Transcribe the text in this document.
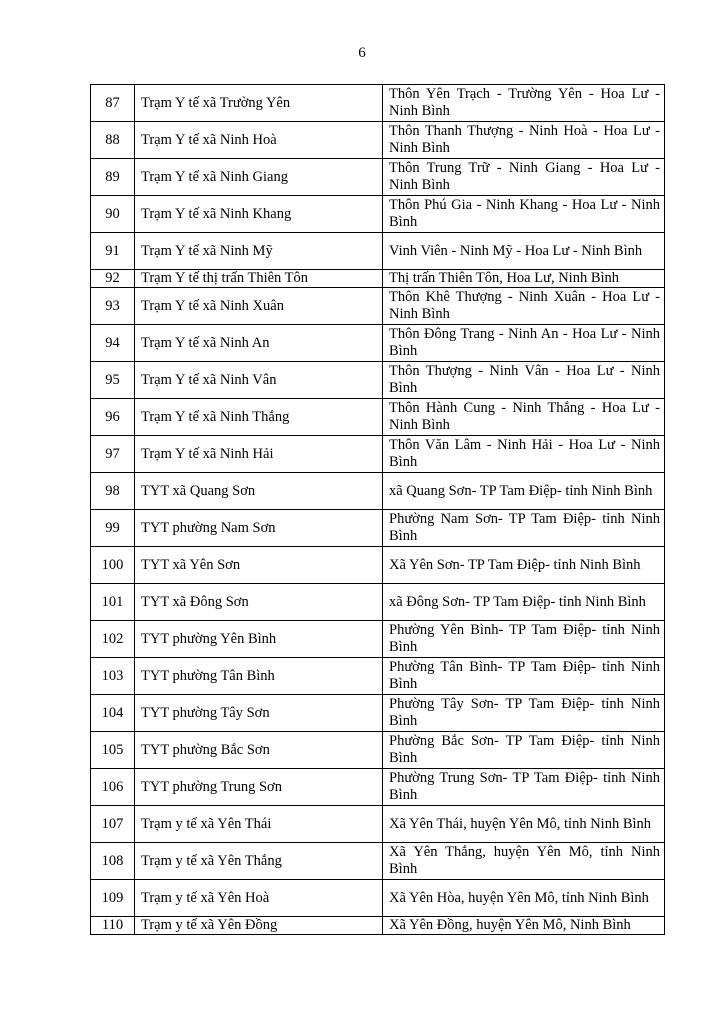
6
87	Trạm Y tế xã Trường Yên	Thôn Yên Trạch - Trường Yên - Hoa Lư - Ninh Bình
88	Trạm Y tế xã Ninh Hoà	Thôn Thanh Thượng - Ninh Hoà - Hoa Lư - Ninh Bình
89	Trạm Y tế xã Ninh Giang	Thôn Trung Trữ - Ninh Giang - Hoa Lư - Ninh Bình
90	Trạm Y tế xã Ninh Khang	Thôn Phú Gia - Ninh Khang - Hoa Lư - Ninh Bình
91	Trạm Y tế xã Ninh Mỹ	Vinh Viên - Ninh Mỹ - Hoa Lư - Ninh Bình
92	Trạm Y tế thị trấn Thiên Tôn	Thị trấn Thiên Tôn, Hoa Lư, Ninh Bình
93	Trạm Y tế xã Ninh Xuân	Thôn Khê Thượng - Ninh Xuân - Hoa Lư - Ninh Bình
94	Trạm Y tế xã Ninh An	Thôn Đông Trang - Ninh An - Hoa Lư - Ninh Bình
95	Trạm Y tế xã Ninh Vân	Thôn Thượng - Ninh Vân - Hoa Lư - Ninh Bình
96	Trạm Y tế xã Ninh Thắng	Thôn Hành Cung - Ninh Thắng - Hoa Lư - Ninh Bình
97	Trạm Y tế xã Ninh Hải	Thôn Văn Lâm - Ninh Hải - Hoa Lư - Ninh Bình
98	TYT xã Quang Sơn	xã Quang Sơn- TP Tam Điệp- tỉnh Ninh Bình
99	TYT phường Nam Sơn	Phường Nam Sơn- TP Tam Điệp- tỉnh Ninh Bình
100	TYT xã Yên Sơn	Xã Yên Sơn- TP Tam Điệp- tỉnh Ninh Bình
101	TYT xã Đông Sơn	xã Đông Sơn- TP Tam Điệp- tỉnh Ninh Bình
102	TYT phường Yên Bình	Phường Yên Bình- TP Tam Điệp- tỉnh Ninh Bình
103	TYT phường Tân Bình	Phường Tân Bình- TP Tam Điệp- tỉnh Ninh Bình
104	TYT phường Tây Sơn	Phường Tây Sơn- TP Tam Điệp- tỉnh Ninh Bình
105	TYT phường Bắc Sơn	Phường Bắc Sơn- TP Tam Điệp- tỉnh Ninh Bình
106	TYT phường Trung Sơn	Phường Trung Sơn- TP Tam Điệp- tỉnh Ninh Bình
107	Trạm y tế xã Yên Thái	Xã Yên Thái, huyện Yên Mô, tỉnh Ninh Bình
108	Trạm y tế xã Yên Thắng	Xã Yên Thắng, huyện Yên Mô, tỉnh Ninh Bình
109	Trạm y tế xã Yên Hoà	Xã Yên Hòa, huyện Yên Mô, tỉnh Ninh Bình
110	Trạm y tế xã Yên Đồng	Xã Yên Đồng, huyện Yên Mô, Ninh Bình
